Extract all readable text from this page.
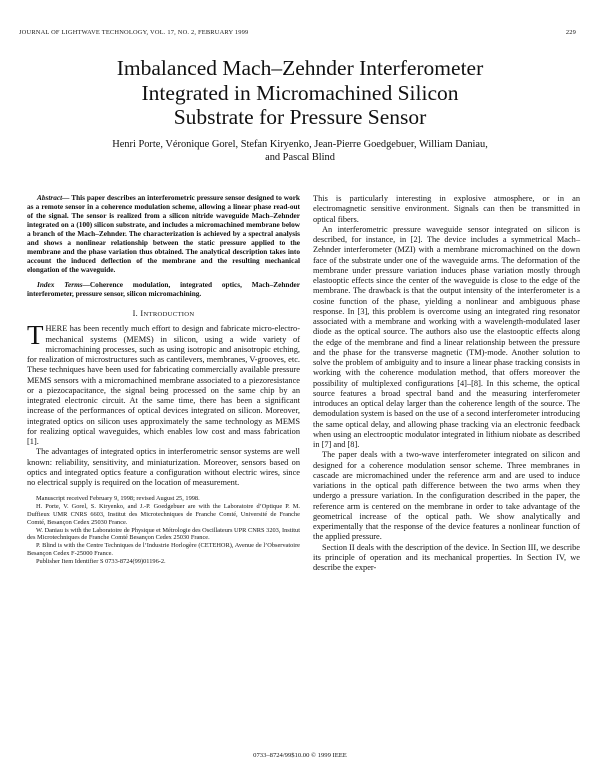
JOURNAL OF LIGHTWAVE TECHNOLOGY, VOL. 17, NO. 2, FEBRUARY 1999	229
Imbalanced Mach–Zehnder Interferometer
Integrated in Micromachined Silicon
Substrate for Pressure Sensor
Henri Porte, Véronique Gorel, Stefan Kiryenko, Jean-Pierre Goedgebuer, William Daniau,
and Pascal Blind
Abstract— This paper describes an interferometric pressure sensor designed to work as a remote sensor in a coherence modulation scheme, allowing a linear phase read-out of the signal. The sensor is realized from a silicon nitride waveguide Mach–Zehnder integrated on a (100) silicon substrate, and includes a micromachined membrane below a branch of the Mach–Zehnder. The characterization is achieved by a spectral analysis and shows a nonlinear relationship between the static pressure applied to the membrane and the phase variation thus obtained. The analytical description takes into account the induced deflection of the membrane and the resulting mechanical elongation of the waveguide.
Index Terms—Coherence modulation, integrated optics, Mach–Zehnder interferometer, pressure sensor, silicon micromachining.
I. INTRODUCTION

THERE has been recently much effort to design and fabricate micro-electro-mechanical systems (MEMS) in silicon, using a wide variety of micromachining processes, such as using isotropic and anisotropic etching, for realization of microstructures such as cantilevers, membranes, V-grooves, etc. These techniques have been used for fabricating commercially available pressure MEMS sensors with a micromachined membrane associated to a piezoresistance or a piezocapacitance, the signal being processed on the same chip by an integrated electronic circuit. At the same time, there has been a significant increase of the performances of optical devices integrated on silicon. Moreover, integrated optics on silicon uses approximately the same technology as MEMS for realizing optical waveguides, which enables low cost and mass fabrication [1].

The advantages of integrated optics in interferometric sensor systems are well known: reliability, sensitivity, and miniaturization. Moreover, sensors based on optics and integrated optics feature a configuration without electric wires, since no electrical supply is required on the location of measurement.

Manuscript received February 9, 1998; revised August 25, 1998.

H. Porte, V. Gorel, S. Kiryenko, and J.-P. Goedgebuer are with the Laboratoire d’Optique P. M. Duffieux UMR CNRS 6603, Institut des Microtechniques de Franche Comté, Université de Franche Comté, Besançon Cedex 25030 France.

W. Daniau is with the Laboratoire de Physique et Métrologie des Oscillateurs UPR CNRS 3203, Institut des Microtechniques de Franche Comté Besançon Cedex 25030 France.

P. Blind is with the Centre Techniques de l’Industrie Horlogère (CETEHOR), Avenue de l’Observatoire Besançon Cedex F-25000 France.

Publisher Item Identifier S 0733-8724(99)01196-2.

This is particularly interesting in explosive atmosphere, or in an electromagnetic sensitive environment. Signals can then be transmitted in optical fibers.

An interferometric pressure waveguide sensor integrated on silicon is described, for instance, in [2]. The device includes a symmetrical Mach–Zehnder interferometer (MZI) with a membrane micromachined on the down face of the substrate under one of the waveguide arms. The deformation of the membrane under pressure variation induces phase variation mostly through elastooptic effects since the center of the waveguide is close to the edge of the membrane. The drawback is that the output intensity of the interferometer is a cosine function of the phase, yielding a nonlinear and ambiguous phase response. In [3], this problem is overcome using an integrated ring resonator associated with a membrane and working with a wavelength-modulated laser diode as the optical source. The authors also use the elastooptic effects along the edge of the membrane and find a linear relationship between the pressure and the phase for the transverse magnetic (TM)-mode. Another solution to solve the problem of ambiguity and to insure a linear phase tracking consists in working with the coherence modulation method, that offers moreover the possibility of multiplexed configurations [4]–[8]. In this scheme, the optical source features a broad spectral band and the measuring interferometer introduces an optical delay larger than the coherence length of the source. The demodulation system is based on the use of a second interferometer introducing the same optical delay, and allowing phase tracking via an electronic feedback when using an electrooptic modulator integrated in lithium niobate as described in [7] and [8].

The paper deals with a two-wave interferometer integrated on silicon and designed for a coherence modulation sensor scheme. Three membranes in cascade are micromachined under the reference arm and are used to induce variations in the optical path difference between the two arms when they undergo a pressure variation. In the configuration described in the paper, the reference arm is centered on the membrane in order to take advantage of the geometrical increase of the optical path. We show analytically and experimentally that the response of the device features a nonlinear function of the applied pressure.

Section II deals with the description of the device. In Section III, we describe its principle of operation and its mechanical properties. In Section IV, we describe the exper-

0733–8724/99$10.00 © 1999 IEEE
